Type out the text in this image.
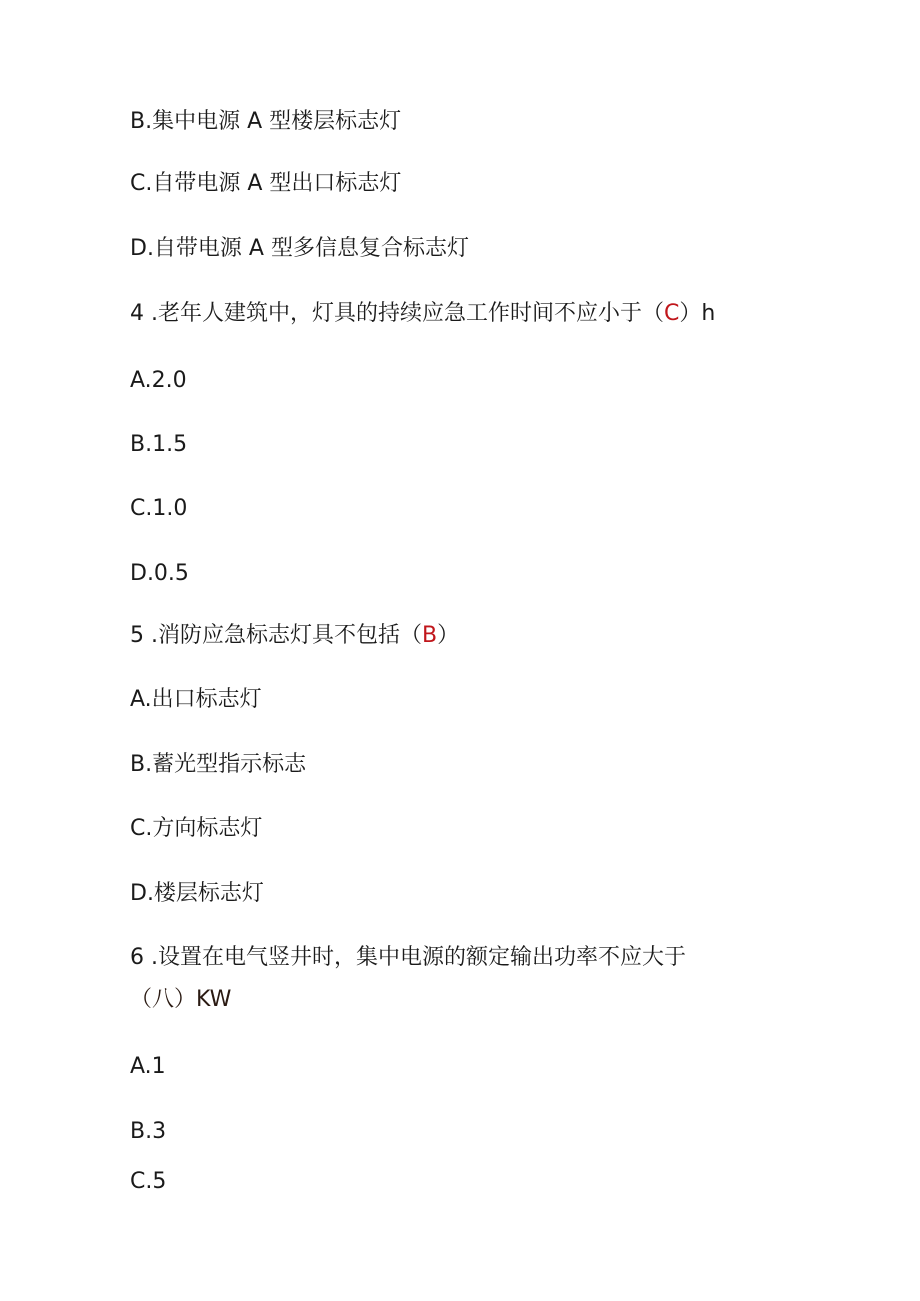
B.集中电源 A 型楼层标志灯
C.自带电源 A 型出口标志灯
D.自带电源 A 型多信息复合标志灯
4 .老年人建筑中，灯具的持续应急工作时间不应小于（C）h
A.2.0
B.1.5
C.1.0
D.0.5
5 .消防应急标志灯具不包括（B）
A.出口标志灯
B.蓄光型指示标志
C.方向标志灯
D.楼层标志灯
6 .设置在电气竖井时，集中电源的额定输出功率不应大于
（八）KW
A.1
B.3
C.5
